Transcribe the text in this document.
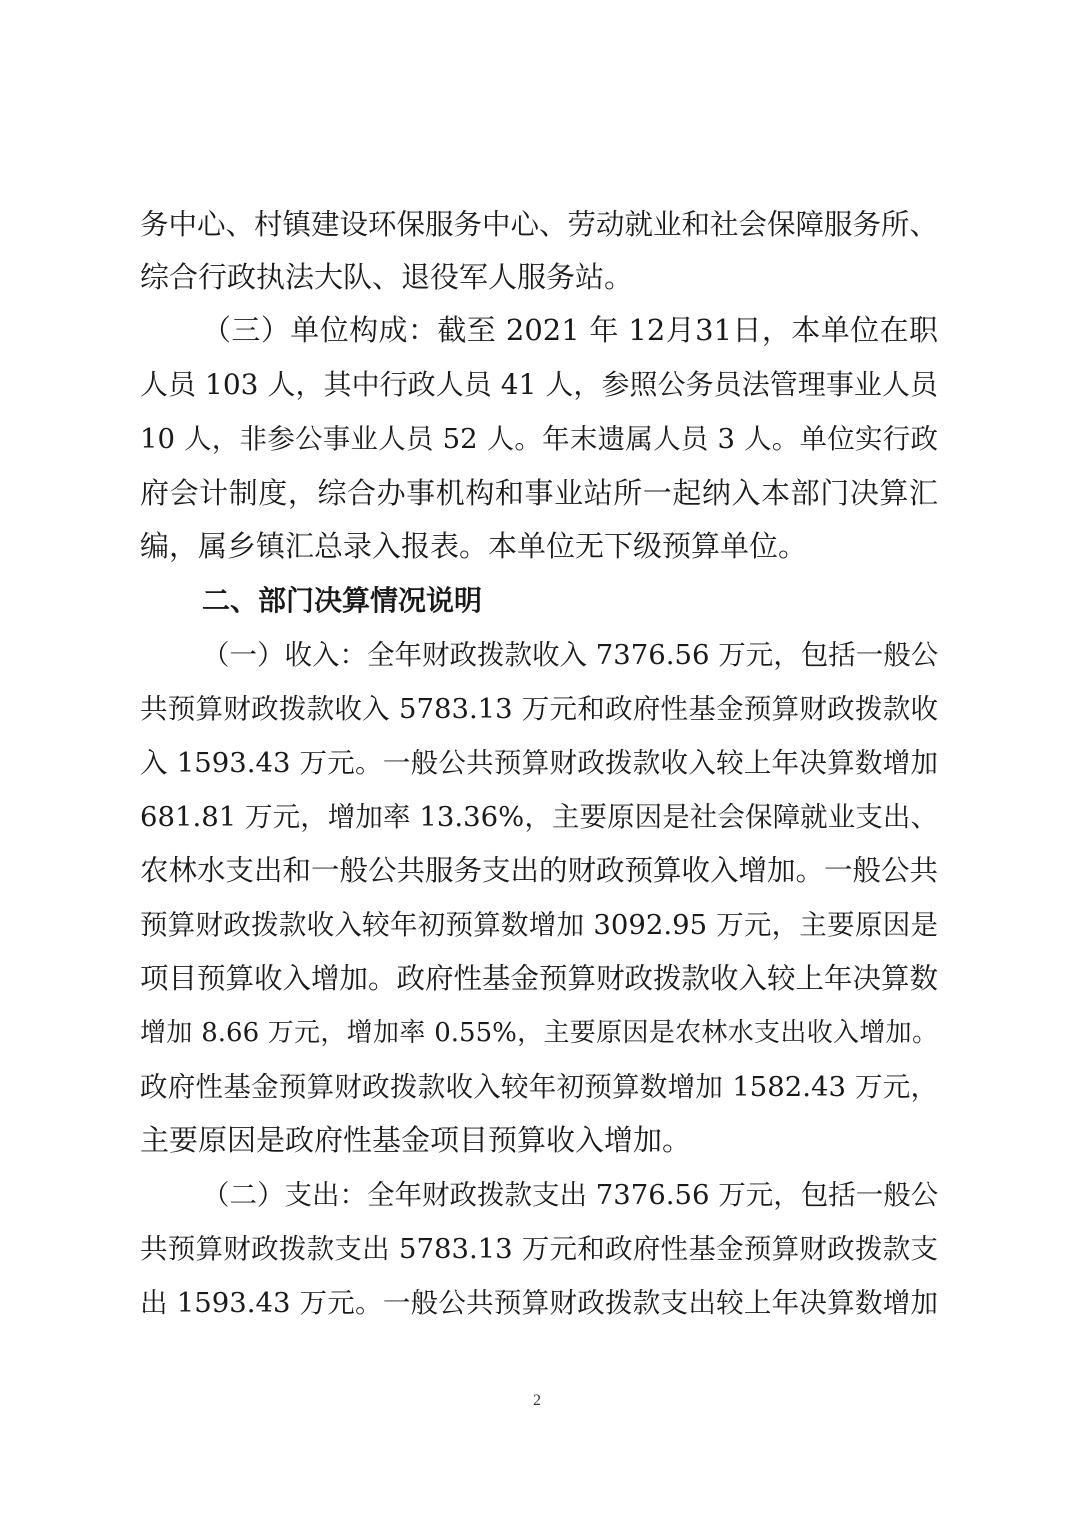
务中心、村镇建设环保服务中心、劳动就业和社会保障服务所、
综合行政执法大队、退役军人服务站。
（三）单位构成：截至 2021 年 12月31日，本单位在职
人员 103 人，其中行政人员 41 人，参照公务员法管理事业人员
10 人，非参公事业人员 52 人。年末遗属人员 3 人。单位实行政
府会计制度，综合办事机构和事业站所一起纳入本部门决算汇
编，属乡镇汇总录入报表。本单位无下级预算单位。
二、部门决算情况说明
（一）收入：全年财政拨款收入 7376.56 万元，包括一般公
共预算财政拨款收入 5783.13 万元和政府性基金预算财政拨款收
入 1593.43 万元。一般公共预算财政拨款收入较上年决算数增加
681.81 万元，增加率 13.36%，主要原因是社会保障就业支出、
农林水支出和一般公共服务支出的财政预算收入增加。一般公共
预算财政拨款收入较年初预算数增加 3092.95 万元，主要原因是
项目预算收入增加。政府性基金预算财政拨款收入较上年决算数
增加 8.66 万元，增加率 0.55%，主要原因是农林水支出收入增加。
政府性基金预算财政拨款收入较年初预算数增加 1582.43 万元，
主要原因是政府性基金项目预算收入增加。
（二）支出：全年财政拨款支出 7376.56 万元，包括一般公
共预算财政拨款支出 5783.13 万元和政府性基金预算财政拨款支
出 1593.43 万元。一般公共预算财政拨款支出较上年决算数增加
2
